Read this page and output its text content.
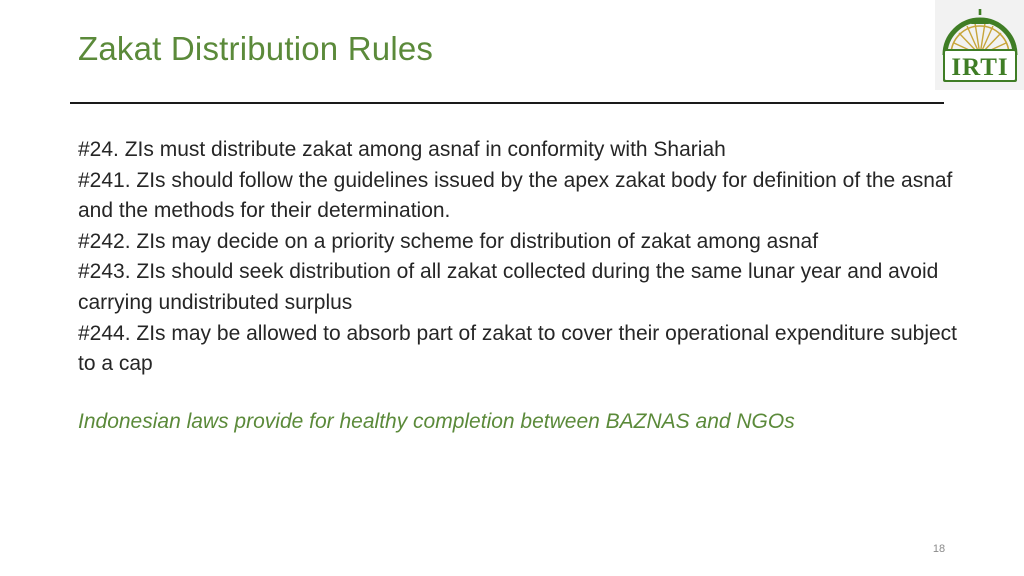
Zakat Distribution Rules
IRTI
#24. ZIs must distribute zakat among asnaf in conformity with Shariah
#241. ZIs should follow the guidelines issued by the apex zakat body for definition of the asnaf and the methods for their determination.
#242. ZIs may decide on a priority scheme for distribution of zakat among asnaf
#243. ZIs should seek distribution of all zakat collected during the same lunar year and avoid carrying undistributed surplus
#244. ZIs may be allowed to absorb part of zakat to cover their operational expenditure subject to a cap

Indonesian laws provide for healthy completion between BAZNAS and NGOs

18
